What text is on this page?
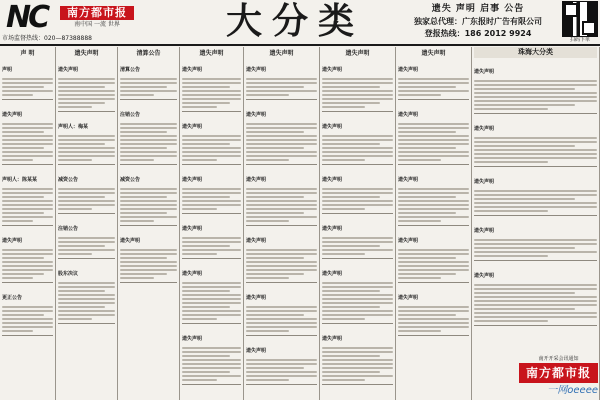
NC	南方都市报
南中国 一流 世界
市场监督热线：020—87388888	大分类	遗失 声明 启事 公告
独家总代理：广东报时广告有限公司
登报热线：186 2012 9924
扫码下单
声 明
声明
遗失声明
声明人：陈某某
遗失声明
更正公告
遗失声明
遗失声明
声明人：梅某
减资公告
注销公告
股东决议
清算公告
清算公告
注销公告
减资公告
遗失声明
遗失声明
遗失声明
遗失声明
遗失声明
遗失声明
遗失声明
遗失声明
遗失声明
遗失声明
遗失声明
遗失声明
遗失声明
遗失声明
遗失声明
遗失声明
遗失声明
遗失声明
遗失声明
遗失声明
遗失声明
遗失声明
遗失声明
遗失声明
遗失声明
遗失声明
遗失声明
遗失声明
珠海大分类
遗失声明
遗失声明
遗失声明
遗失声明
遗失声明
南开开采会讯通知
南方都市报
一网oeeee
